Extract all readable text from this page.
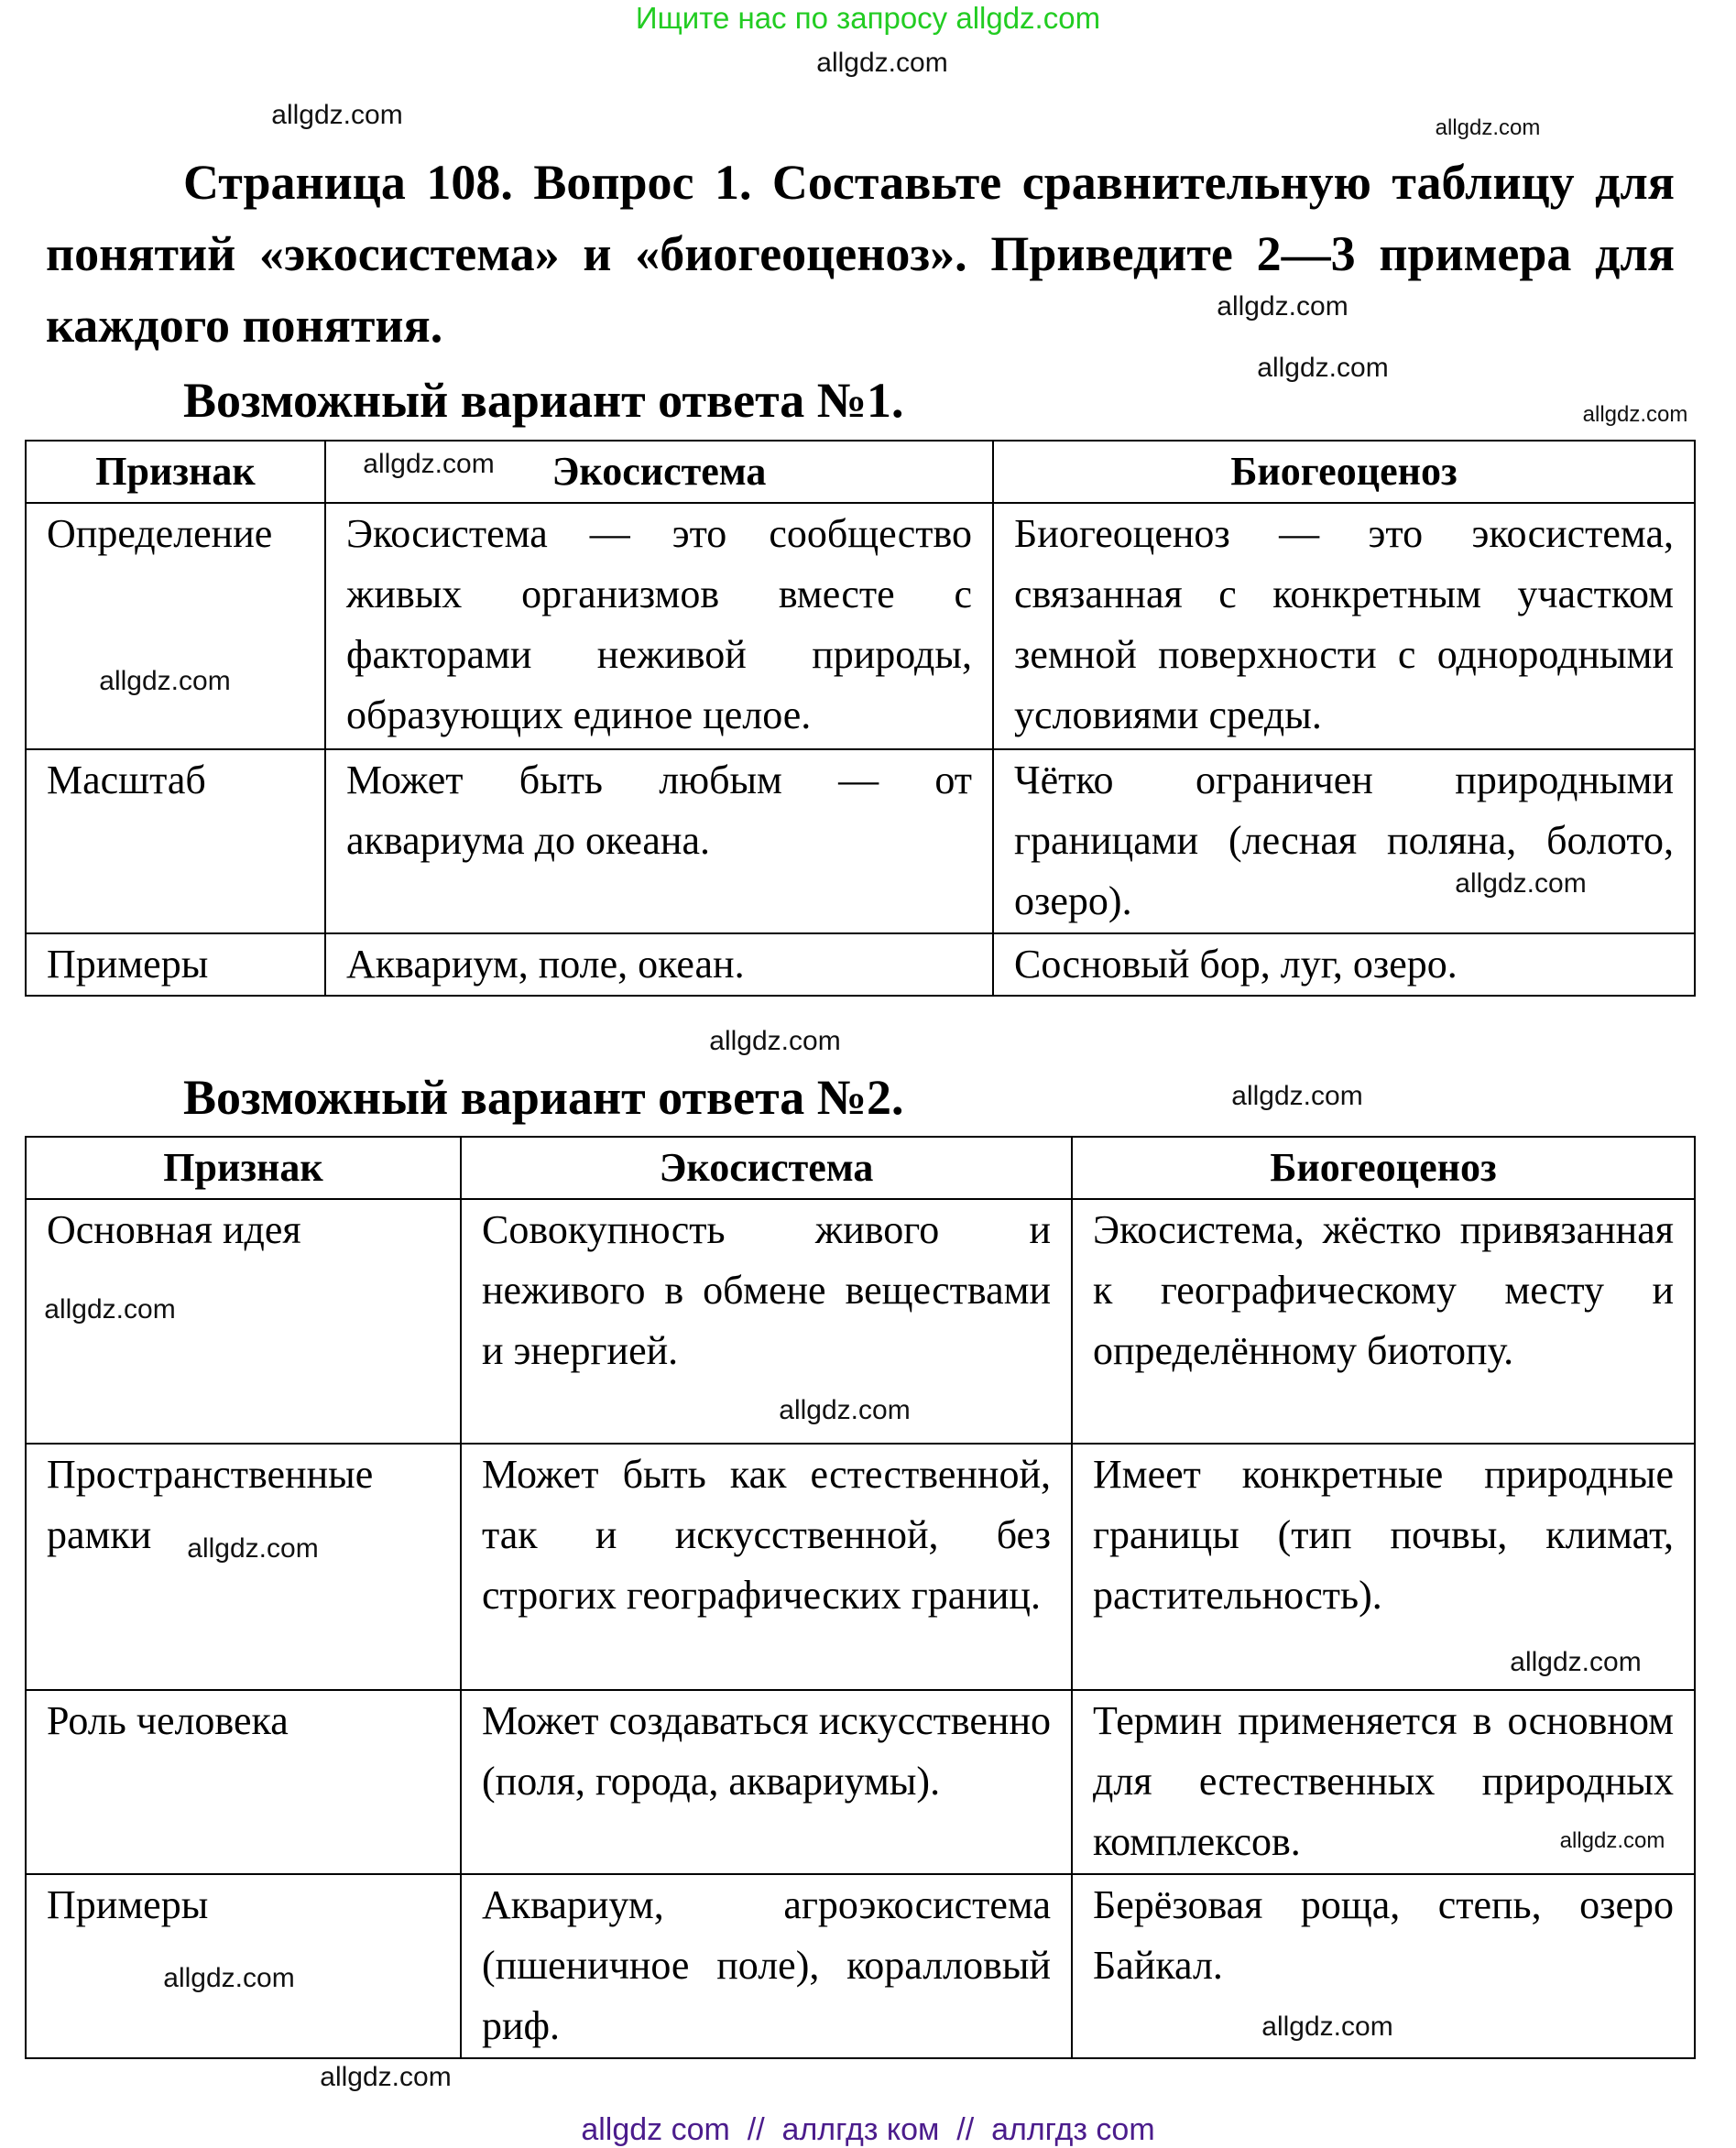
Ищите нас по запросу allgdz.com
Страница 108. Вопрос 1. Составьте сравнительную таблицу для понятий «экосистема» и «биогеоценоз». Приведите 2—3 примера для каждого понятия.
Возможный вариант ответа №1.
Признак	Экосистема	Биогеоценоз
Определение	Экосистема — это сообщество живых организмов вместе с факторами неживой природы, образующих единое целое.	Биогеоценоз — это экосистема, связанная с конкретным участком земной поверхности с однородными условиями среды.
Масштаб	Может быть любым — от аквариума до океана.	Чётко ограничен природными границами (лесная поляна, болото, озеро).
Примеры	Аквариум, поле, океан.	Сосновый бор, луг, озеро.
Возможный вариант ответа №2.
Признак	Экосистема	Биогеоценоз
Основная идея	Совокупность живого и неживого в обмене веществами и энергией.	Экосистема, жёстко привязанная к географическому месту и определённому биотопу.
Пространственные рамки	Может быть как естественной, так и искусственной, без строгих географических границ.	Имеет конкретные природные границы (тип почвы, климат, растительность).
Роль человека	Может создаваться искусственно (поля, города, аквариумы).	Термин применяется в основном для естественных природных комплексов.
Примеры	Аквариум, агроэкосистема (пшеничное поле), коралловый риф.	Берёзовая роща, степь, озеро Байкал.
allgdz.com
allgdz.com	allgdz.com
allgdz.com
allgdz.com
allgdz.com
allgdz.com
allgdz.com
allgdz.com
allgdz.com
allgdz.com
allgdz.com
allgdz.com
allgdz.com
allgdz.com
allgdz.com
allgdz.com
allgdz.com
allgdz.com
allgdz com  //  аллгдз ком  //  аллгдз com
